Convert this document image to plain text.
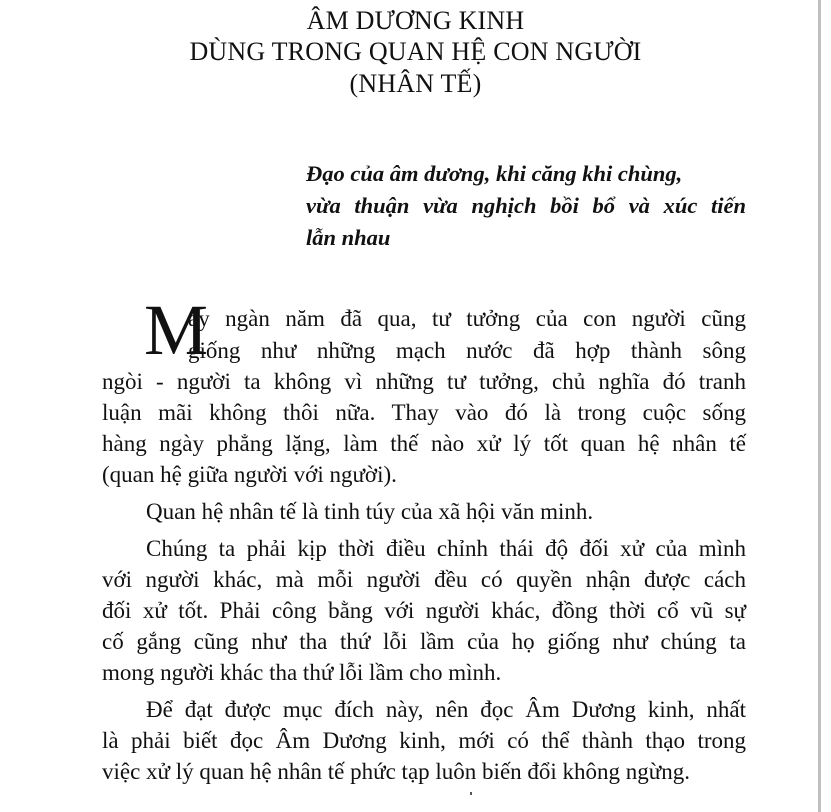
ÂM DƯƠNG KINH
DÙNG TRONG QUAN HỆ CON NGƯỜI
(NHÂN TẾ)
Đạo của âm dương, khi căng khi chùng,
vừa thuận vừa nghịch bồi bổ và xúc tiến
lẫn nhau
M
ấy ngàn năm đã qua, tư tưởng của con người cũng
giống như những mạch nước đã hợp thành sông
ngòi - người ta không vì những tư tưởng, chủ nghĩa đó tranh
luận mãi không thôi nữa. Thay vào đó là trong cuộc sống
hàng ngày phẳng lặng, làm thế nào xử lý tốt quan hệ nhân tế
(quan hệ giữa người với người).
Quan hệ nhân tế là tinh túy của xã hội văn minh.
Chúng ta phải kịp thời điều chỉnh thái độ đối xử của mình
với người khác, mà mỗi người đều có quyền nhận được cách
đối xử tốt. Phải công bằng với người khác, đồng thời cổ vũ sự
cố gắng cũng như tha thứ lỗi lầm của họ giống như chúng ta
mong người khác tha thứ lỗi lầm cho mình.
Để đạt được mục đích này, nên đọc Âm Dương kinh, nhất
là phải biết đọc Âm Dương kinh, mới có thể thành thạo trong
việc xử lý quan hệ nhân tế phức tạp luôn biến đổi không ngừng.
